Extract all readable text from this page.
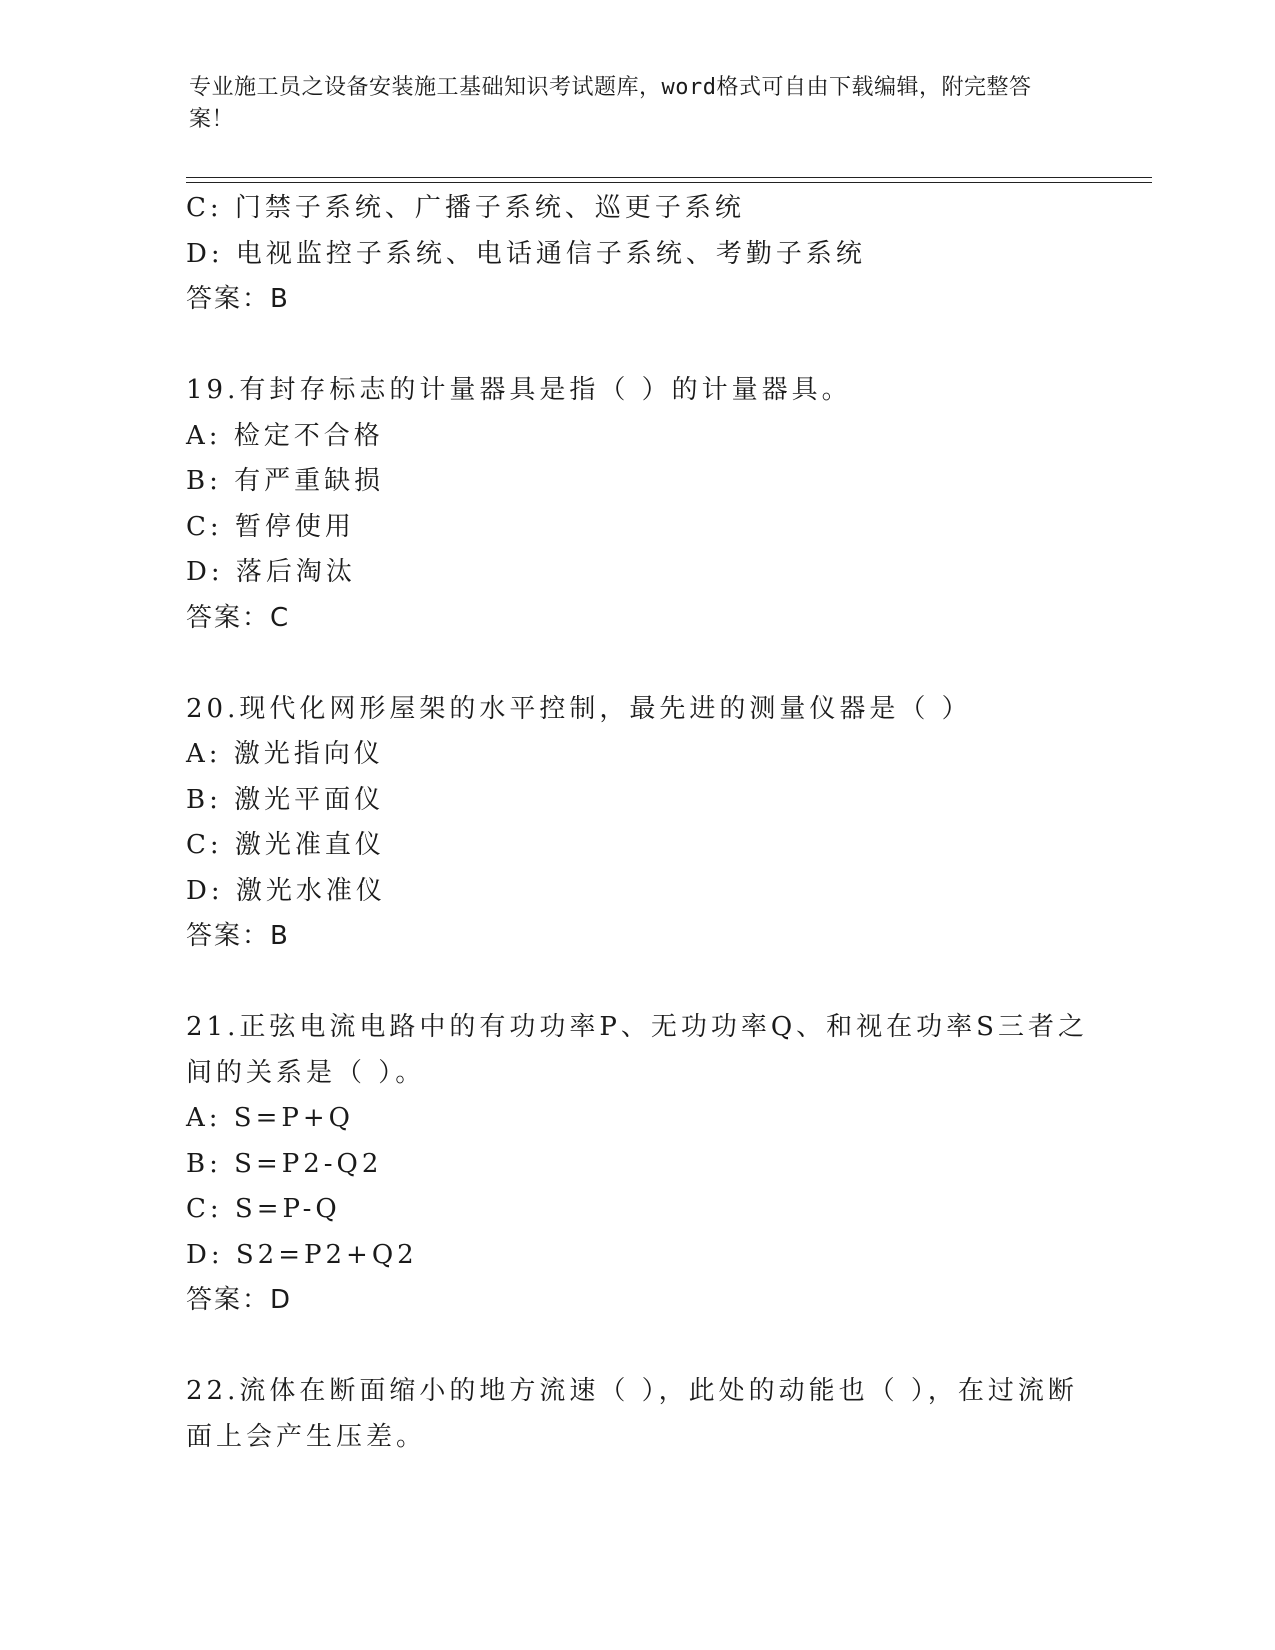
专业施工员之设备安装施工基础知识考试题库，word格式可自由下载编辑，附完整答案！
C: 门禁子系统、广播子系统、巡更子系统
D: 电视监控子系统、电话通信子系统、考勤子系统
答案：B
19.有封存标志的计量器具是指（ ）的计量器具。
A: 检定不合格
B: 有严重缺损
C: 暂停使用
D: 落后淘汰
答案：C
20.现代化网形屋架的水平控制，最先进的测量仪器是（ ）
A: 激光指向仪
B: 激光平面仪
C: 激光准直仪
D: 激光水准仪
答案：B
21.正弦电流电路中的有功功率P、无功功率Q、和视在功率S三者之
间的关系是（ ）。
A: S=P+Q
B: S=P2-Q2
C: S=P-Q
D: S2=P2+Q2
答案：D
22.流体在断面缩小的地方流速（ ），此处的动能也（ ），在过流断
面上会产生压差。
